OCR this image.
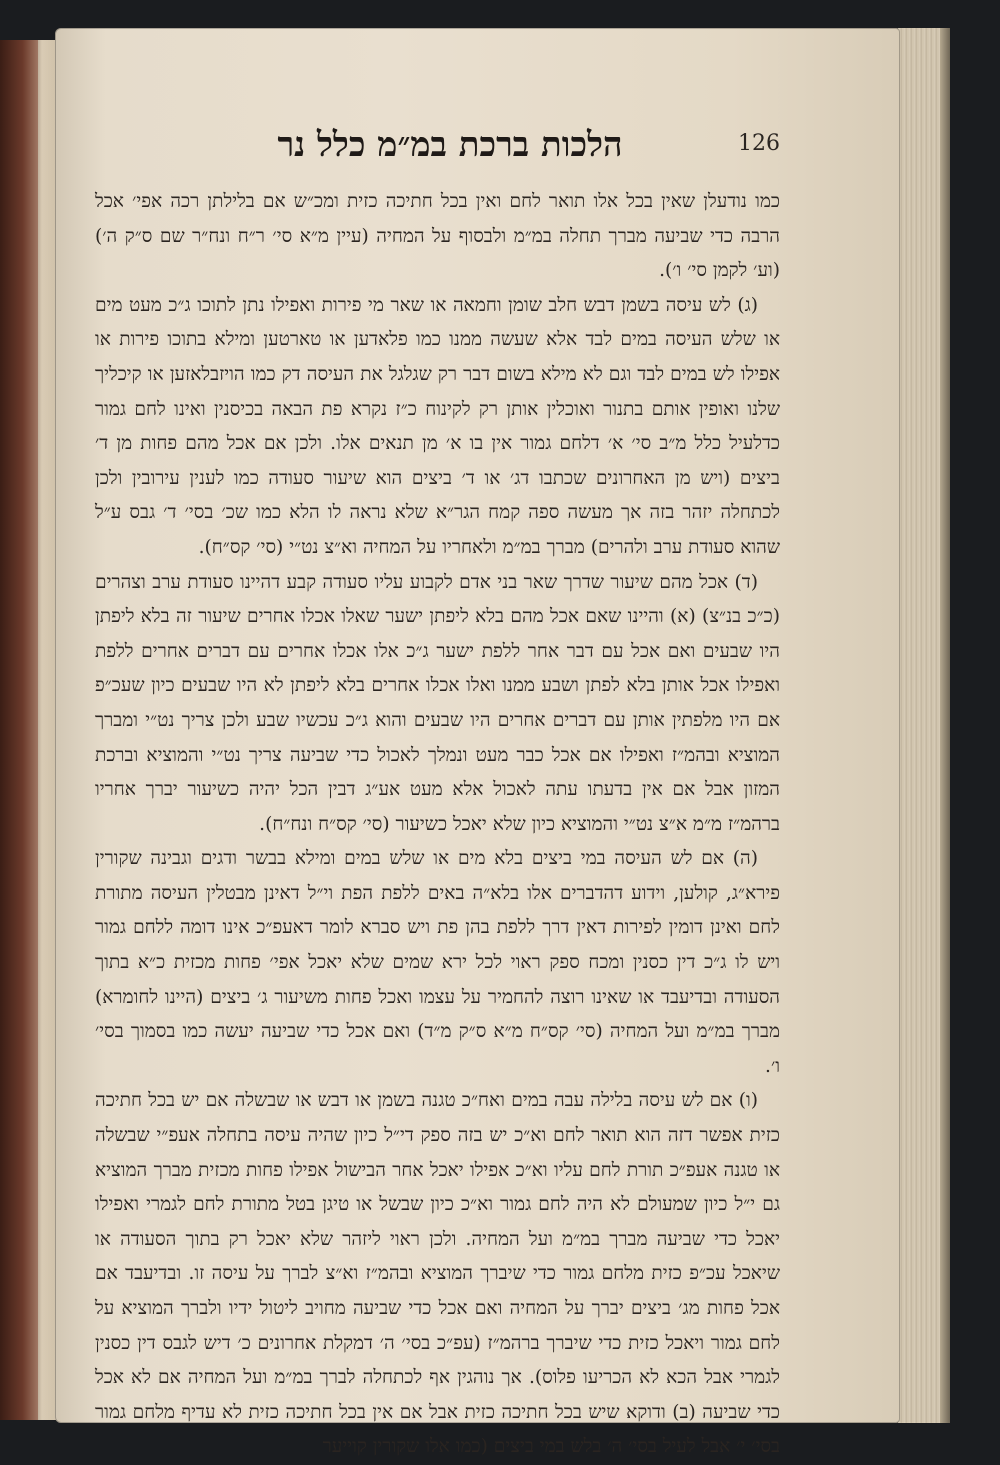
הלכות ברכת במ״מ כלל נר	126

כמו נודעלן שאין בכל אלו תואר לחם ואין בכל חתיכה כזית ומכ״ש אם בלילתן רכה אפי׳ אכל הרבה כדי שביעה מברך תחלה במ״מ ולבסוף על המחיה (עיין מ״א סי׳ ר״ח ונח״ר שם ס״ק ה׳) (וע׳ לקמן סי׳ ו׳).

(ג) לש עיסה בשמן דבש חלב שומן וחמאה או שאר מי פירות ואפילו נתן לתוכו ג״כ מעט מים או שלש העיסה במים לבד אלא שעשה ממנו כמו פלאדען או טארטען ומילא בתוכו פירות או אפילו לש במים לבד וגם לא מילא בשום דבר רק שגלגל את העיסה דק כמו הויזבלאזען או קיכליך שלנו ואופין אותם בתנור ואוכלין אותן רק לקינוח כ״ז נקרא פת הבאה בכיסנין ואינו לחם גמור כדלעיל כלל מ״ב סי׳ א׳ דלחם גמור אין בו א׳ מן תנאים אלו. ולכן אם אכל מהם פחות מן ד׳ ביצים (ויש מן האחרונים שכתבו דג׳ או ד׳ ביצים הוא שיעור סעודה כמו לענין עירובין ולכן לכתחלה יזהר בזה אך מעשה ספה קמח הגר״א שלא נראה לו הלא כמו שכ׳ בסי׳ ד׳ גבס ע״ל שהוא סעודת ערב ולהרים) מברך במ״מ ולאחריו על המחיה וא״צ נט״י (סי׳ קס״ח).

(ד) אכל מהם שיעור שדרך שאר בני אדם לקבוע עליו סעודה קבע דהיינו סעודת ערב וצהרים (כ״כ בנ״צ) (א) והיינו שאם אכל מהם בלא ליפתן ישער שאלו אכלו אחרים שיעור זה בלא ליפתן היו שבעים ואם אכל עם דבר אחר ללפת ישער ג״כ אלו אכלו אחרים עם דברים אחרים ללפת ואפילו אכל אותן בלא לפתן ושבע ממנו ואלו אכלו אחרים בלא ליפתן לא היו שבעים כיון שעכ״פ אם היו מלפתין אותן עם דברים אחרים היו שבעים והוא ג״כ עכשיו שבע ולכן צריך נט״י ומברך המוציא ובהמ״ז ואפילו אם אכל כבר מעט ונמלך לאכול כדי שביעה צריך נט״י והמוציא וברכת המזון אבל אם אין בדעתו עתה לאכול אלא מעט אע״ג דבין הכל יהיה כשיעור יברך אחריו ברהמ״ז מ״מ א״צ נט״י והמוציא כיון שלא יאכל כשיעור (סי׳ קס״ח ונח״ח).

(ה) אם לש העיסה במי ביצים בלא מים או שלש במים ומילא בבשר ודגים וגבינה שקורין פירא״ג, קולען, וידוע דהדברים אלו בלא״ה באים ללפת הפת וי״ל דאינן מבטלין העיסה מתורת לחם ואינן דומין לפירות דאין דרך ללפת בהן פת ויש סברא לומר דאעפ״כ אינו דומה ללחם גמור ויש לו ג״כ דין כסנין ומכח ספק ראוי לכל ירא שמים שלא יאכל אפי׳ פחות מכזית כ״א בתוך הסעודה ובדיעבד או שאינו רוצה להחמיר על עצמו ואכל פחות משיעור ג׳ ביצים (היינו לחומרא) מברך במ״מ ועל המחיה (סי׳ קס״ח מ״א ס״ק מ״ד) ואם אכל כדי שביעה יעשה כמו בסמוך בסי׳ ו׳.

(ו) אם לש עיסה בלילה עבה במים ואח״כ טגנה בשמן או דבש או שבשלה אם יש בכל חתיכה כזית אפשר דזה הוא תואר לחם וא״כ יש בזה ספק די״ל כיון שהיה עיסה בתחלה אעפ״י שבשלה או טגנה אעפ״כ תורת לחם עליו וא״כ אפילו יאכל אחר הבישול אפילו פחות מכזית מברך המוציא גם י״ל כיון שמעולם לא היה לחם גמור וא״כ כיון שבשל או טיגן בטל מתורת לחם לגמרי ואפילו יאכל כדי שביעה מברך במ״מ ועל המחיה. ולכן ראוי ליזהר שלא יאכל רק בתוך הסעודה או שיאכל עכ״פ כזית מלחם גמור כדי שיברך המוציא ובהמ״ז וא״צ לברך על עיסה זו. ובדיעבד אם אכל פחות מג׳ ביצים יברך על המחיה ואם אכל כדי שביעה מחויב ליטול ידיו ולברך המוציא על לחם גמור ויאכל כזית כדי שיברך ברהמ״ז (עפ״כ בסי׳ ה׳ דמקלת אחרונים כ׳ דיש לגבס דין כסנין לגמרי אבל הכא לא הכריעו פלוס). אך נוהגין אף לכתחלה לברך במ״מ ועל המחיה אם לא אכל כדי שביעה (ב) ודוקא שיש בכל חתיכה כזית אבל אם אין בכל חתיכה כזית לא עדיף מלחם גמור בסי׳ י׳ אבל לעיל בסי׳ ה׳ בלש במי ביצים (כמו אלו שקורין קוייער
